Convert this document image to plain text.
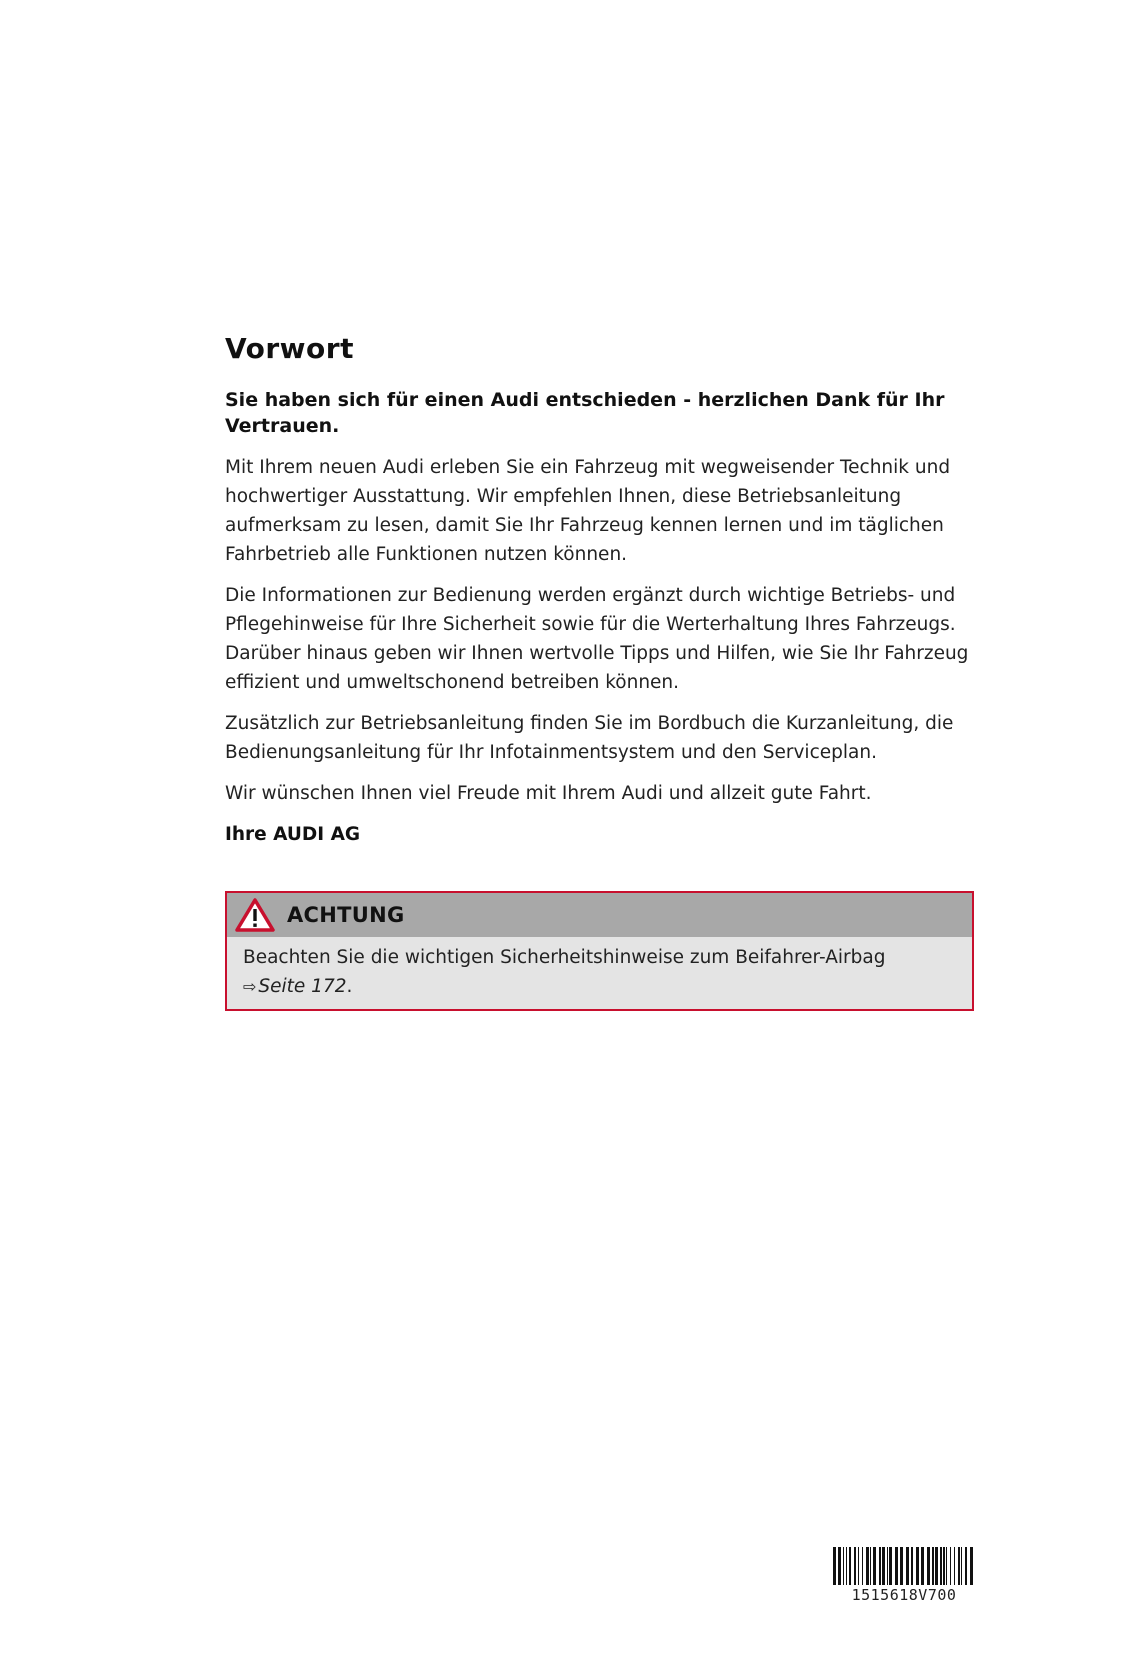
Vorwort

Sie haben sich für einen Audi entschieden - herzlichen Dank für Ihr Vertrauen.

Mit Ihrem neuen Audi erleben Sie ein Fahrzeug mit wegweisender Technik und hochwertiger Ausstattung. Wir empfehlen Ihnen, diese Betriebsanleitung aufmerksam zu lesen, damit Sie Ihr Fahrzeug kennen lernen und im täglichen Fahrbetrieb alle Funktionen nutzen können.

Die Informationen zur Bedienung werden ergänzt durch wichtige Betriebs- und Pflegehinweise für Ihre Sicherheit sowie für die Werterhaltung Ihres Fahrzeugs. Darüber hinaus geben wir Ihnen wertvolle Tipps und Hilfen, wie Sie Ihr Fahrzeug effizient und umweltschonend betreiben können.

Zusätzlich zur Betriebsanleitung finden Sie im Bordbuch die Kurzanleitung, die Bedienungsanleitung für Ihr Infotainmentsystem und den Serviceplan.

Wir wünschen Ihnen viel Freude mit Ihrem Audi und allzeit gute Fahrt.

Ihre AUDI AG

ACHTUNG
Beachten Sie die wichtigen Sicherheitshinweise zum Beifahrer-Airbag
⇨ Seite 172.
1515618V700
